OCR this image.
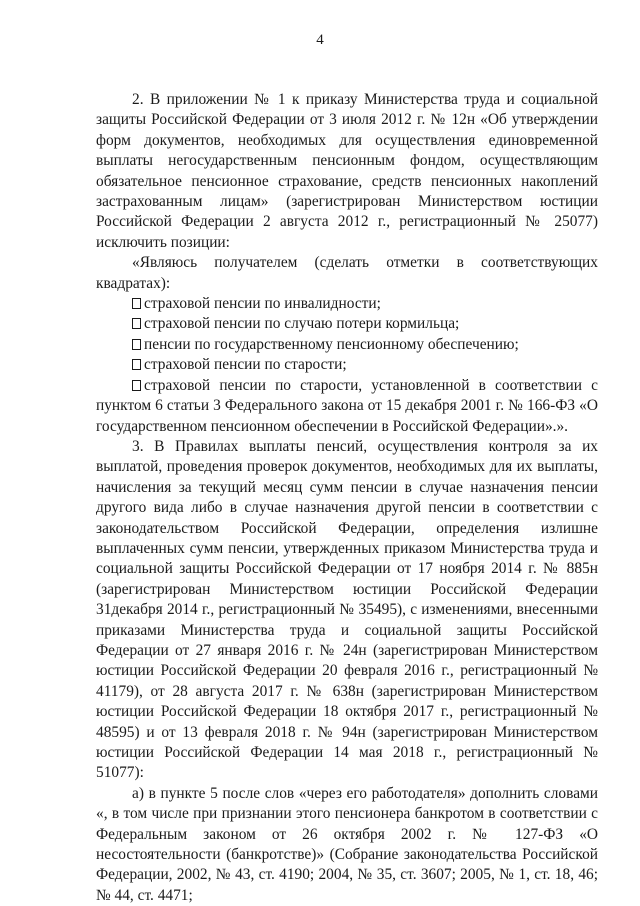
4

2. В приложении № 1 к приказу Министерства труда и социальной защиты Российской Федерации от 3 июля 2012 г. № 12н «Об утверждении форм документов, необходимых для осуществления единовременной выплаты негосударственным пенсионным фондом, осуществляющим обязательное пенсионное страхование, средств пенсионных накоплений застрахованным лицам» (зарегистрирован Министерством юстиции Российской Федерации 2 августа 2012 г., регистрационный № 25077) исключить позиции:

«Являюсь получателем (сделать отметки в соответствующих квадратах):

страховой пенсии по инвалидности;

страховой пенсии по случаю потери кормильца;

пенсии по государственному пенсионному обеспечению;

страховой пенсии по старости;

страховой пенсии по старости, установленной в соответствии с пунктом 6 статьи 3 Федерального закона от 15 декабря 2001 г. № 166-ФЗ «О государственном пенсионном обеспечении в Российской Федерации».».

3. В Правилах выплаты пенсий, осуществления контроля за их выплатой, проведения проверок документов, необходимых для их выплаты, начисления за текущий месяц сумм пенсии в случае назначения пенсии другого вида либо в случае назначения другой пенсии в соответствии с законодательством Российской Федерации, определения излишне выплаченных сумм пенсии, утвержденных приказом Министерства труда и социальной защиты Российской Федерации от 17 ноября 2014 г. № 885н (зарегистрирован Министерством юстиции Российской Федерации 31декабря 2014 г., регистрационный № 35495), с изменениями, внесенными приказами Министерства труда и социальной защиты Российской Федерации от 27 января 2016 г. № 24н (зарегистрирован Министерством юстиции Российской Федерации 20 февраля 2016 г., регистрационный № 41179), от 28 августа 2017 г. № 638н (зарегистрирован Министерством юстиции Российской Федерации 18 октября 2017 г., регистрационный № 48595) и от 13 февраля 2018 г. № 94н (зарегистрирован Министерством юстиции Российской Федерации 14 мая 2018 г., регистрационный № 51077):

а) в пункте 5 после слов «через его работодателя» дополнить словами «, в том числе при признании этого пенсионера банкротом в соответствии с Федеральным законом от 26 октября 2002 г. № 127-ФЗ «О несостоятельности (банкротстве)» (Собрание законодательства Российской Федерации, 2002, № 43, ст. 4190; 2004, № 35, ст. 3607; 2005, № 1, ст. 18, 46; № 44, ст. 4471;
